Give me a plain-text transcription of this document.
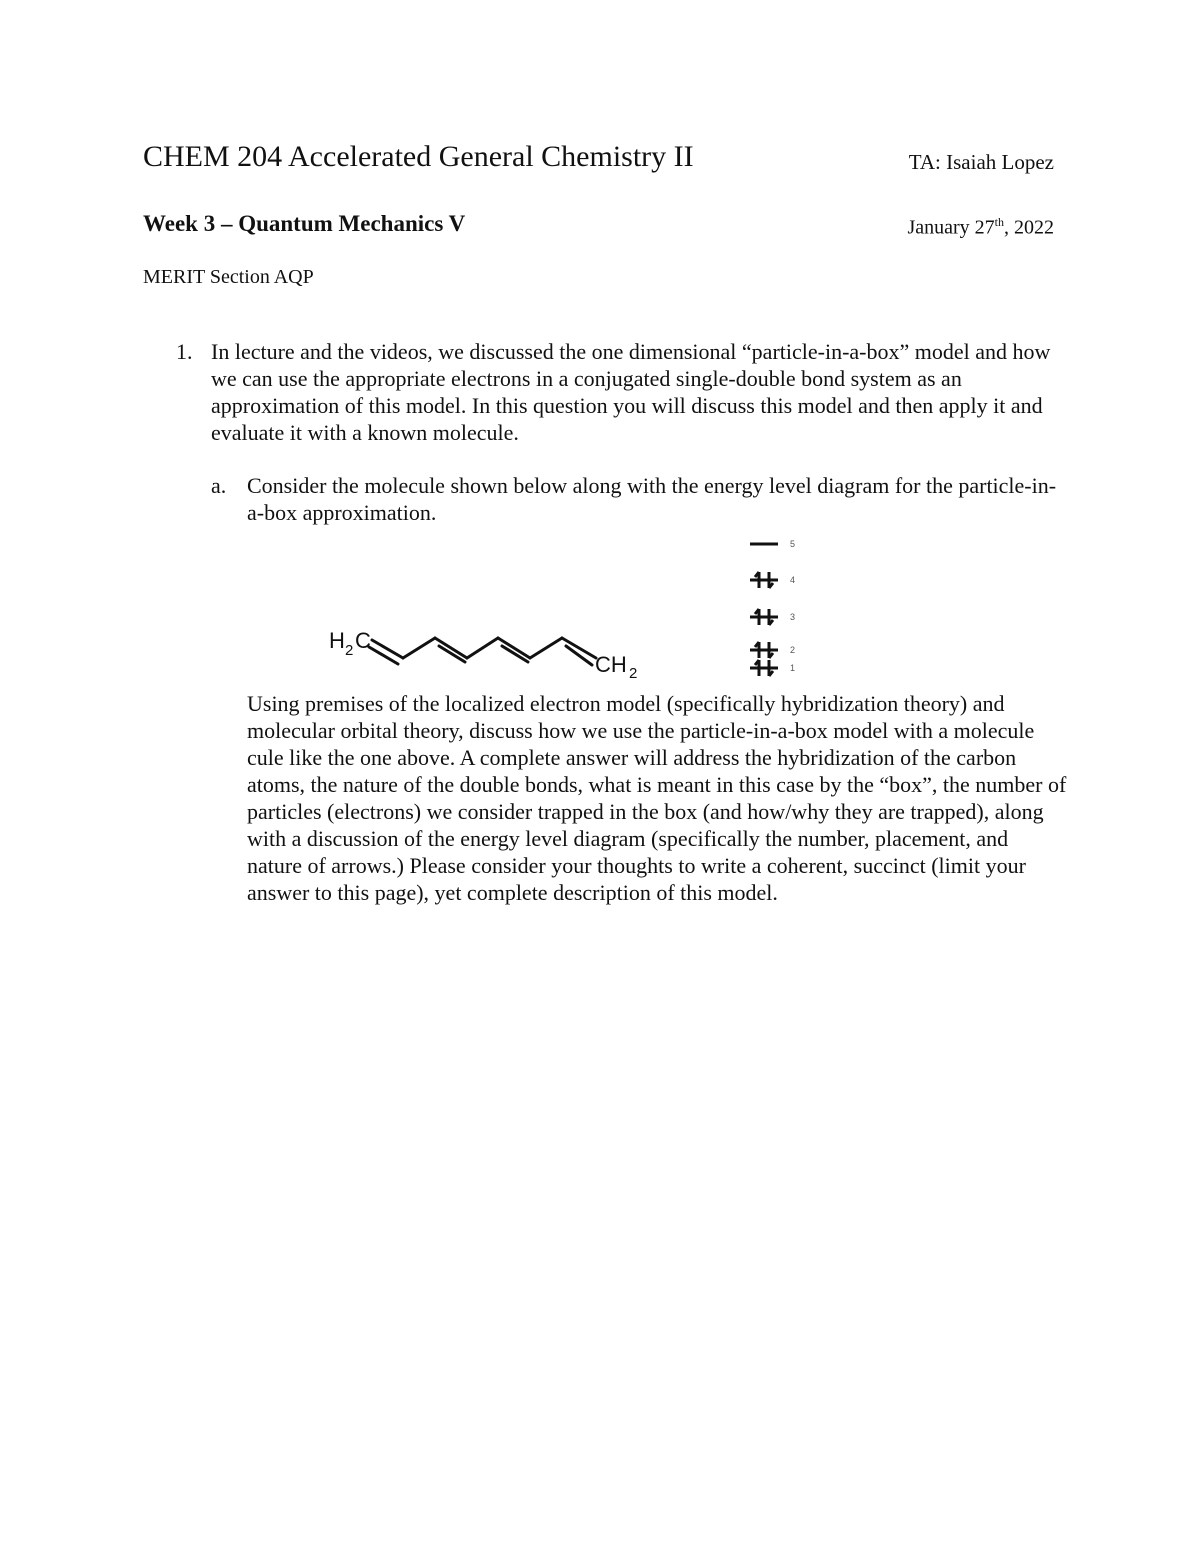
CHEM 204 Accelerated General Chemistry II	TA: Isaiah Lopez
Week 3 – Quantum Mechanics V	January 27th, 2022
MERIT Section AQP
1. In lecture and the videos, we discussed the one dimensional “particle-in-a-box” model and how we can use the appropriate electrons in a conjugated single-double bond system as an approximation of this model. In this question you will discuss this model and then apply it and evaluate it with a known molecule.
a. Consider the molecule shown below along with the energy level diagram for the particle-in-a-box approximation.
H 2 C
CH 2
5
4
3
2
1
Using premises of the localized electron model (specifically hybridization theory) and molecular orbital theory, discuss how we use the particle-in-a-box model with a molecule cule like the one above. A complete answer will address the hybridization of the carbon atoms, the nature of the double bonds, what is meant in this case by the “box”, the number of particles (electrons) we consider trapped in the box (and how/why they are trapped), along with a discussion of the energy level diagram (specifically the number, placement, and nature of arrows.) Please consider your thoughts to write a coherent, succinct (limit your answer to this page), yet complete description of this model.
